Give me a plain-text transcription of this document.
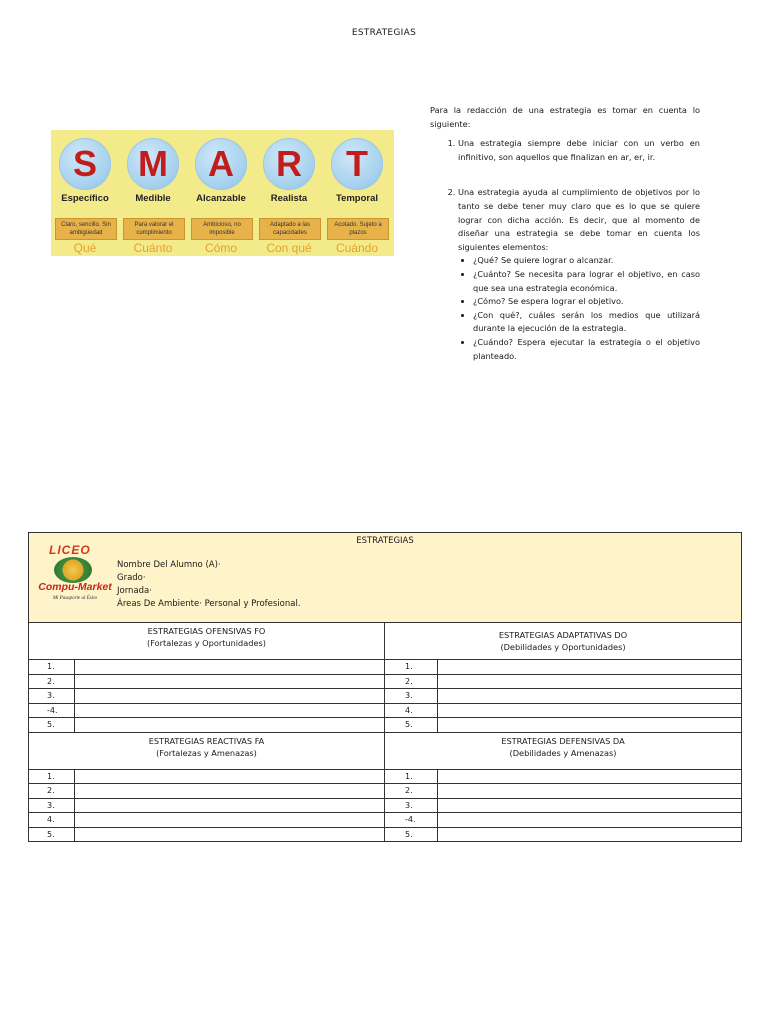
ESTRATEGIAS
S
Específico
Claro, sencillo. Sin ambigüedad
Qué
M
Medible
Para valorar el cumplimiento
Cuánto
A
Alcanzable
Ambicioso, no imposible
Cómo
R
Realista
Adaptado a las capacidades
Con qué
T
Temporal
Acotado. Sujeto a plazos
Cuándo

Para la redacción de una estrategia es tomar en cuenta lo siguiente:

1. Una estrategia siempre debe iniciar con un verbo en infinitivo, son aquellos que finalizan en ar, er, ir.
2. Una estrategia ayuda al cumplimiento de objetivos por lo tanto se debe tener muy claro que es lo que se quiere lograr con dicha acción. Es decir, que al momento de diseñar una estrategia se debe tomar en cuenta los siguientes elementos:
• ¿Qué? Se quiere lograr o alcanzar.
• ¿Cuánto? Se necesita para lograr el objetivo, en caso que sea una estrategia económica.
• ¿Cómo? Se espera lograr el objetivo.
• ¿Con qué?, cuáles serán los medios que utilizará durante la ejecución de la estrategia.
• ¿Cuándo? Espera ejecutar la estrategia o el objetivo planteado.
ESTRATEGIAS
LICEO
Compu-Market
Mi Pasaporte al Éxito
Nombre Del Alumno (A)·
Grado·
Jornada·
Áreas De Ambiente· Personal y Profesional.
ESTRATEGIAS OFENSIVAS FO
(Fortalezas y Oportunidades)
ESTRATEGIAS ADAPTATIVAS DO
(Debilidades y Oportunidades)
1.	1.
2.	2.
3.	3.
-4.	4.
5.	5.
ESTRATEGIAS REACTIVAS FA
(Fortalezas y Amenazas)
ESTRATEGIAS DEFENSIVAS DA
(Debilidades y Amenazas)
1.	1.
2.	2.
3.	3.
4.	-4.
5.	5.
